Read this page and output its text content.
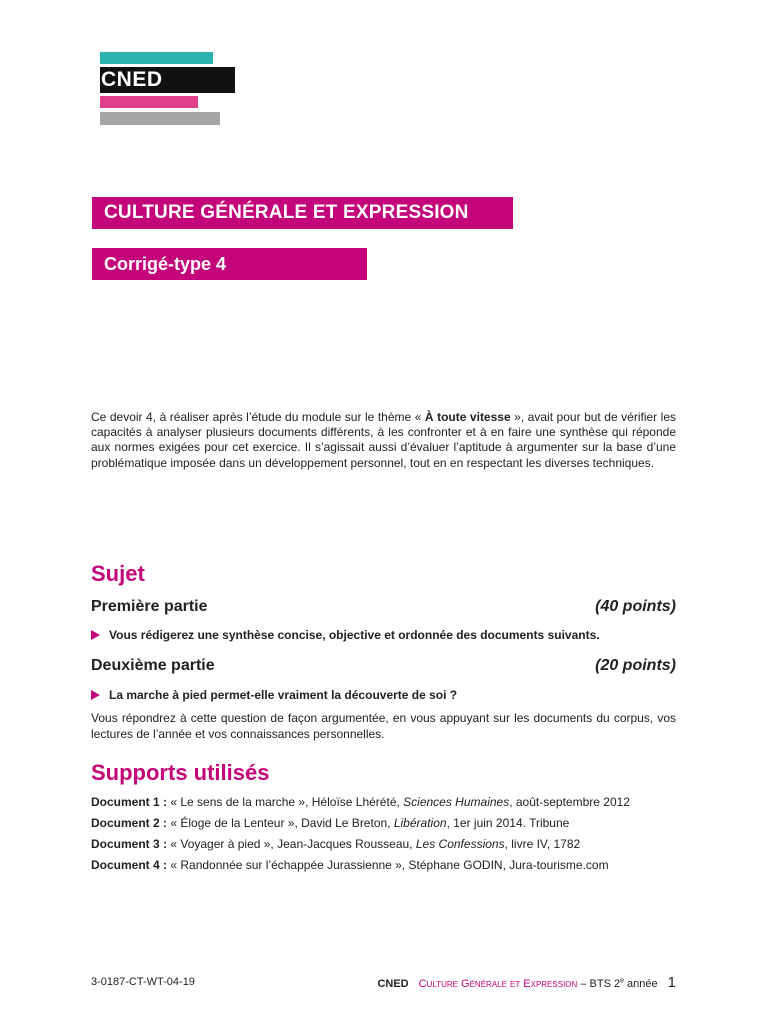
CNED
CULTURE GÉNÉRALE ET EXPRESSION
Corrigé-type 4
Ce devoir 4, à réaliser après l’étude du module sur le thème « À toute vitesse », avait pour but de vérifier les capacités à analyser plusieurs documents différents, à les confronter et à en faire une synthèse qui réponde aux normes exigées pour cet exercice. Il s’agissait aussi d’évaluer l’aptitude à argumenter sur la base d’une problématique imposée dans un développement personnel, tout en en respectant les diverses techniques.
Sujet
Première partie	(40 points)
Vous rédigerez une synthèse concise, objective et ordonnée des documents suivants.
Deuxième partie	(20 points)
La marche à pied permet-elle vraiment la découverte de soi ?
Vous répondrez à cette question de façon argumentée, en vous appuyant sur les documents du corpus, vos lectures de l’année et vos connaissances personnelles.
Supports utilisés
Document 1 : « Le sens de la marche », Héloïse Lhérété, Sciences Humaines, août-septembre 2012
Document 2 : « Éloge de la Lenteur », David Le Breton, Libération, 1er juin 2014. Tribune
Document 3 : « Voyager à pied », Jean-Jacques Rousseau, Les Confessions, livre IV, 1782
Document 4 : « Randonnée sur l’échappée Jurassienne », Stéphane GODIN, Jura-tourisme.com
3-0187-CT-WT-04-19	CNED Culture Générale et Expression – BTS 2e année 1
